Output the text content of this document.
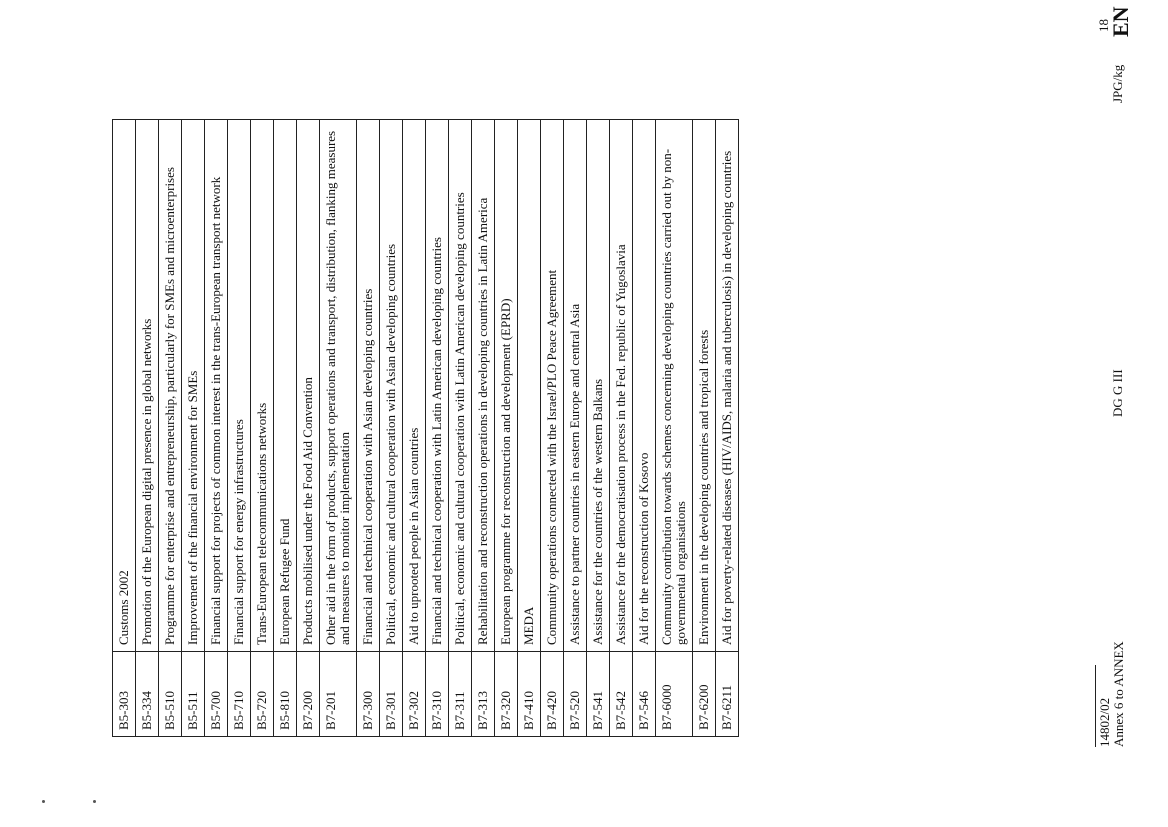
B5-303	Customs 2002
B5-334	Promotion of the European digital presence in global networks
B5-510	Programme for enterprise and entrepreneurship, particularly for SMEs and microenterprises
B5-511	Improvement of the financial environment for SMEs
B5-700	Financial support for projects of common interest in the trans-European transport network
B5-710	Financial support for energy infrastructures
B5-720	Trans-European telecommunications networks
B5-810	European Refugee Fund
B7-200	Products mobilised under the Food Aid Convention
B7-201	Other aid in the form of products, support operations and transport, distribution, flanking measures and measures to monitor implementation
B7-300	Financial and technical cooperation with Asian developing countries
B7-301	Political, economic and cultural cooperation with Asian developing countries
B7-302	Aid to uprooted people in Asian countries
B7-310	Financial and technical cooperation with Latin American developing countries
B7-311	Political, economic and cultural cooperation with Latin American developing countries
B7-313	Rehabilitation and reconstruction operations in developing countries in Latin America
B7-320	European programme for reconstruction and development (EPRD)
B7-410	MEDA
B7-420	Community operations connected with the Israel/PLO Peace Agreement
B7-520	Assistance to partner countries in eastern Europe and central Asia
B7-541	Assistance for the countries of the western Balkans
B7-542	Assistance for the democratisation process in the Fed. republic of Yugoslavia
B7-546	Aid for the reconstruction of Kosovo
B7-6000	Community contribution towards schemes concerning developing countries carried out by non-governmental organisations
B7-6200	Environment in the developing countries and tropical forests
B7-6211	Aid for poverty-related diseases (HIV/AIDS, malaria and tuberculosis) in developing countries
14802/02 Annex 6 to ANNEX
DG G III
JPG/kg
18
EN
